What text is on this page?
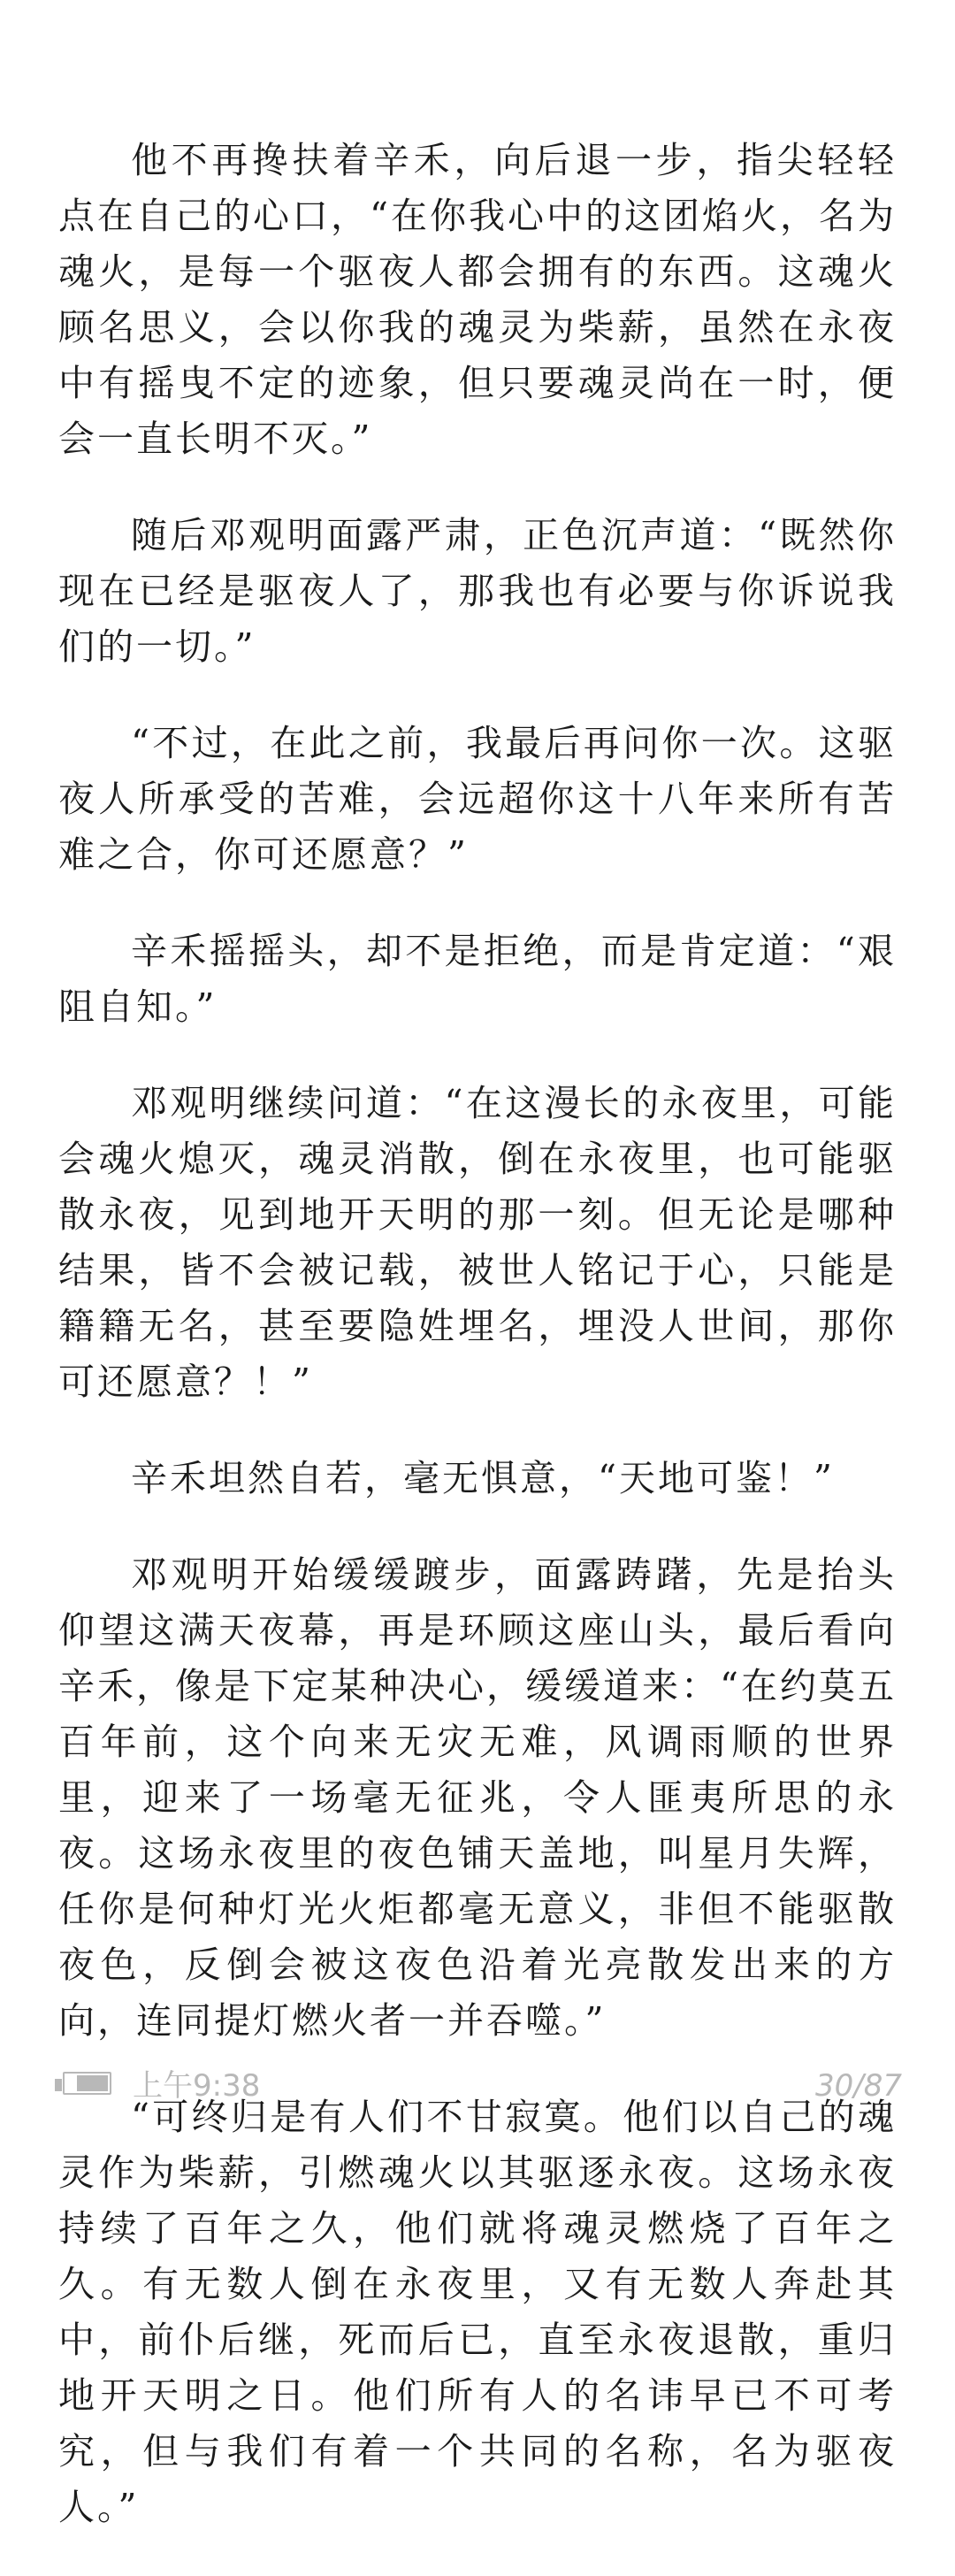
他不再搀扶着辛禾，向后退一步，指尖轻轻点在自己的心口，“在你我心中的这团焰火，名为魂火，是每一个驱夜人都会拥有的东西。这魂火顾名思义，会以你我的魂灵为柴薪，虽然在永夜中有摇曳不定的迹象，但只要魂灵尚在一时，便会一直长明不灭。”

随后邓观明面露严肃，正色沉声道：“既然你现在已经是驱夜人了，那我也有必要与你诉说我们的一切。”

“不过，在此之前，我最后再问你一次。这驱夜人所承受的苦难，会远超你这十八年来所有苦难之合，你可还愿意？”

辛禾摇摇头，却不是拒绝，而是肯定道：“艰阻自知。”

邓观明继续问道：“在这漫长的永夜里，可能会魂火熄灭，魂灵消散，倒在永夜里，也可能驱散永夜，见到地开天明的那一刻。但无论是哪种结果，皆不会被记载，被世人铭记于心，只能是籍籍无名，甚至要隐姓埋名，埋没人世间，那你可还愿意？！”

辛禾坦然自若，毫无惧意，“天地可鉴！”

邓观明开始缓缓踱步，面露踌躇，先是抬头仰望这满天夜幕，再是环顾这座山头，最后看向辛禾，像是下定某种决心，缓缓道来：“在约莫五百年前，这个向来无灾无难，风调雨顺的世界里，迎来了一场毫无征兆，令人匪夷所思的永夜。这场永夜里的夜色铺天盖地，叫星月失辉，任你是何种灯光火炬都毫无意义，非但不能驱散夜色，反倒会被这夜色沿着光亮散发出来的方向，连同提灯燃火者一并吞噬。”

“可终归是有人们不甘寂寞。他们以自己的魂灵作为柴薪，引燃魂火以其驱逐永夜。这场永夜持续了百年之久，他们就将魂灵燃烧了百年之久。有无数人倒在永夜里，又有无数人奔赴其中，前仆后继，死而后已，直至永夜退散，重归地开天明之日。他们所有人的名讳早已不可考究，但与我们有着一个共同的名称，名为驱夜人。”

上午9:38	30/87
